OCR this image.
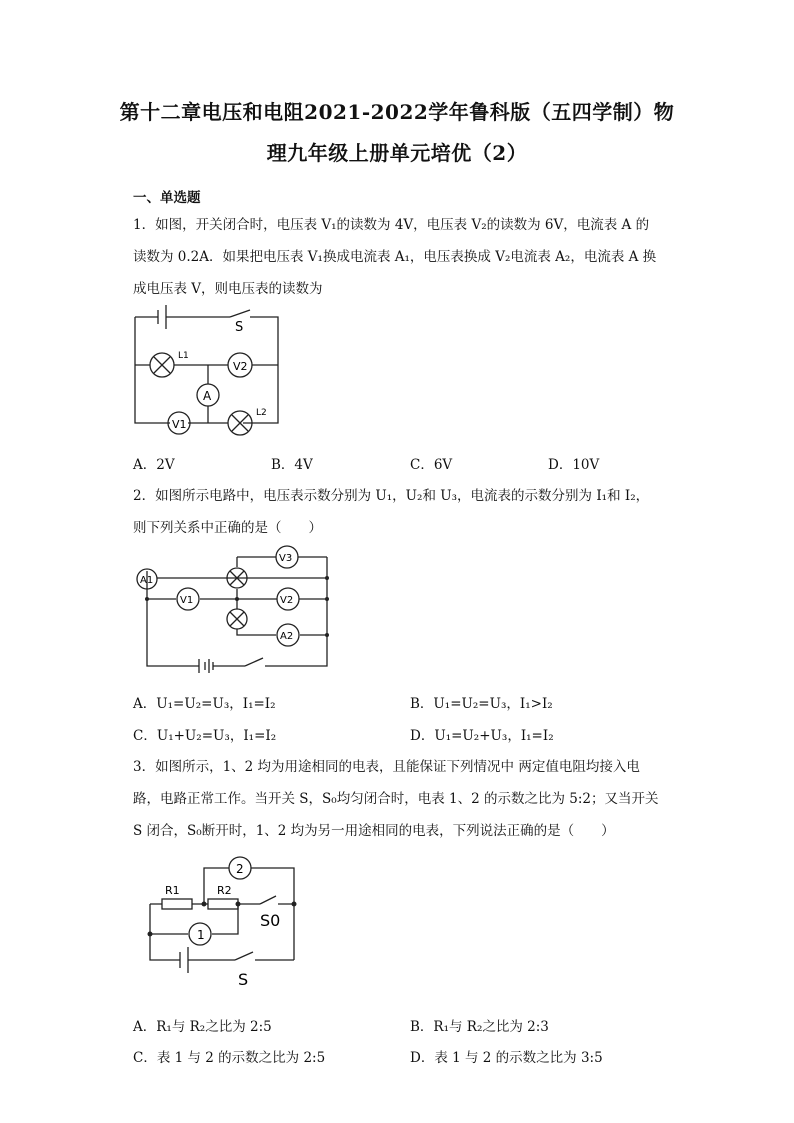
第十二章电压和电阻2021-2022学年鲁科版（五四学制）物
理九年级上册单元培优（2）
一、单选题
1．如图，开关闭合时，电压表 V₁的读数为 4V，电压表 V₂的读数为 6V，电流表 A 的
读数为 0.2A．如果把电压表 V₁换成电流表 A₁，电压表换成 V₂电流表 A₂，电流表 A 换
成电压表 V，则电压表的读数为
S
L1
L2
V2
A
V1
A．2V	B．4V	C．6V	D．10V
2．如图所示电路中，电压表示数分别为 U₁，U₂和 U₃，电流表的示数分别为 I₁和 I₂，
则下列关系中正确的是（　　）
A1
V1
V3
V2
A2
A．U₁=U₂=U₃，I₁=I₂	B．U₁=U₂=U₃，I₁>I₂
C．U₁+U₂=U₃，I₁=I₂	D．U₁=U₂+U₃，I₁=I₂
3．如图所示，1、2 均为用途相同的电表，且能保证下列情况中 两定值电阻均接入电
路，电路正常工作。当开关 S，S₀均匀闭合时，电表 1、2 的示数之比为 5:2；又当开关
S 闭合，S₀断开时，1、2 均为另一用途相同的电表，下列说法正确的是（　　）
2
1
R1	R2
S0
S
A．R₁与 R₂之比为 2:5	B．R₁与 R₂之比为 2:3
C．表 1 与 2 的示数之比为 2:5	D．表 1 与 2 的示数之比为 3:5
